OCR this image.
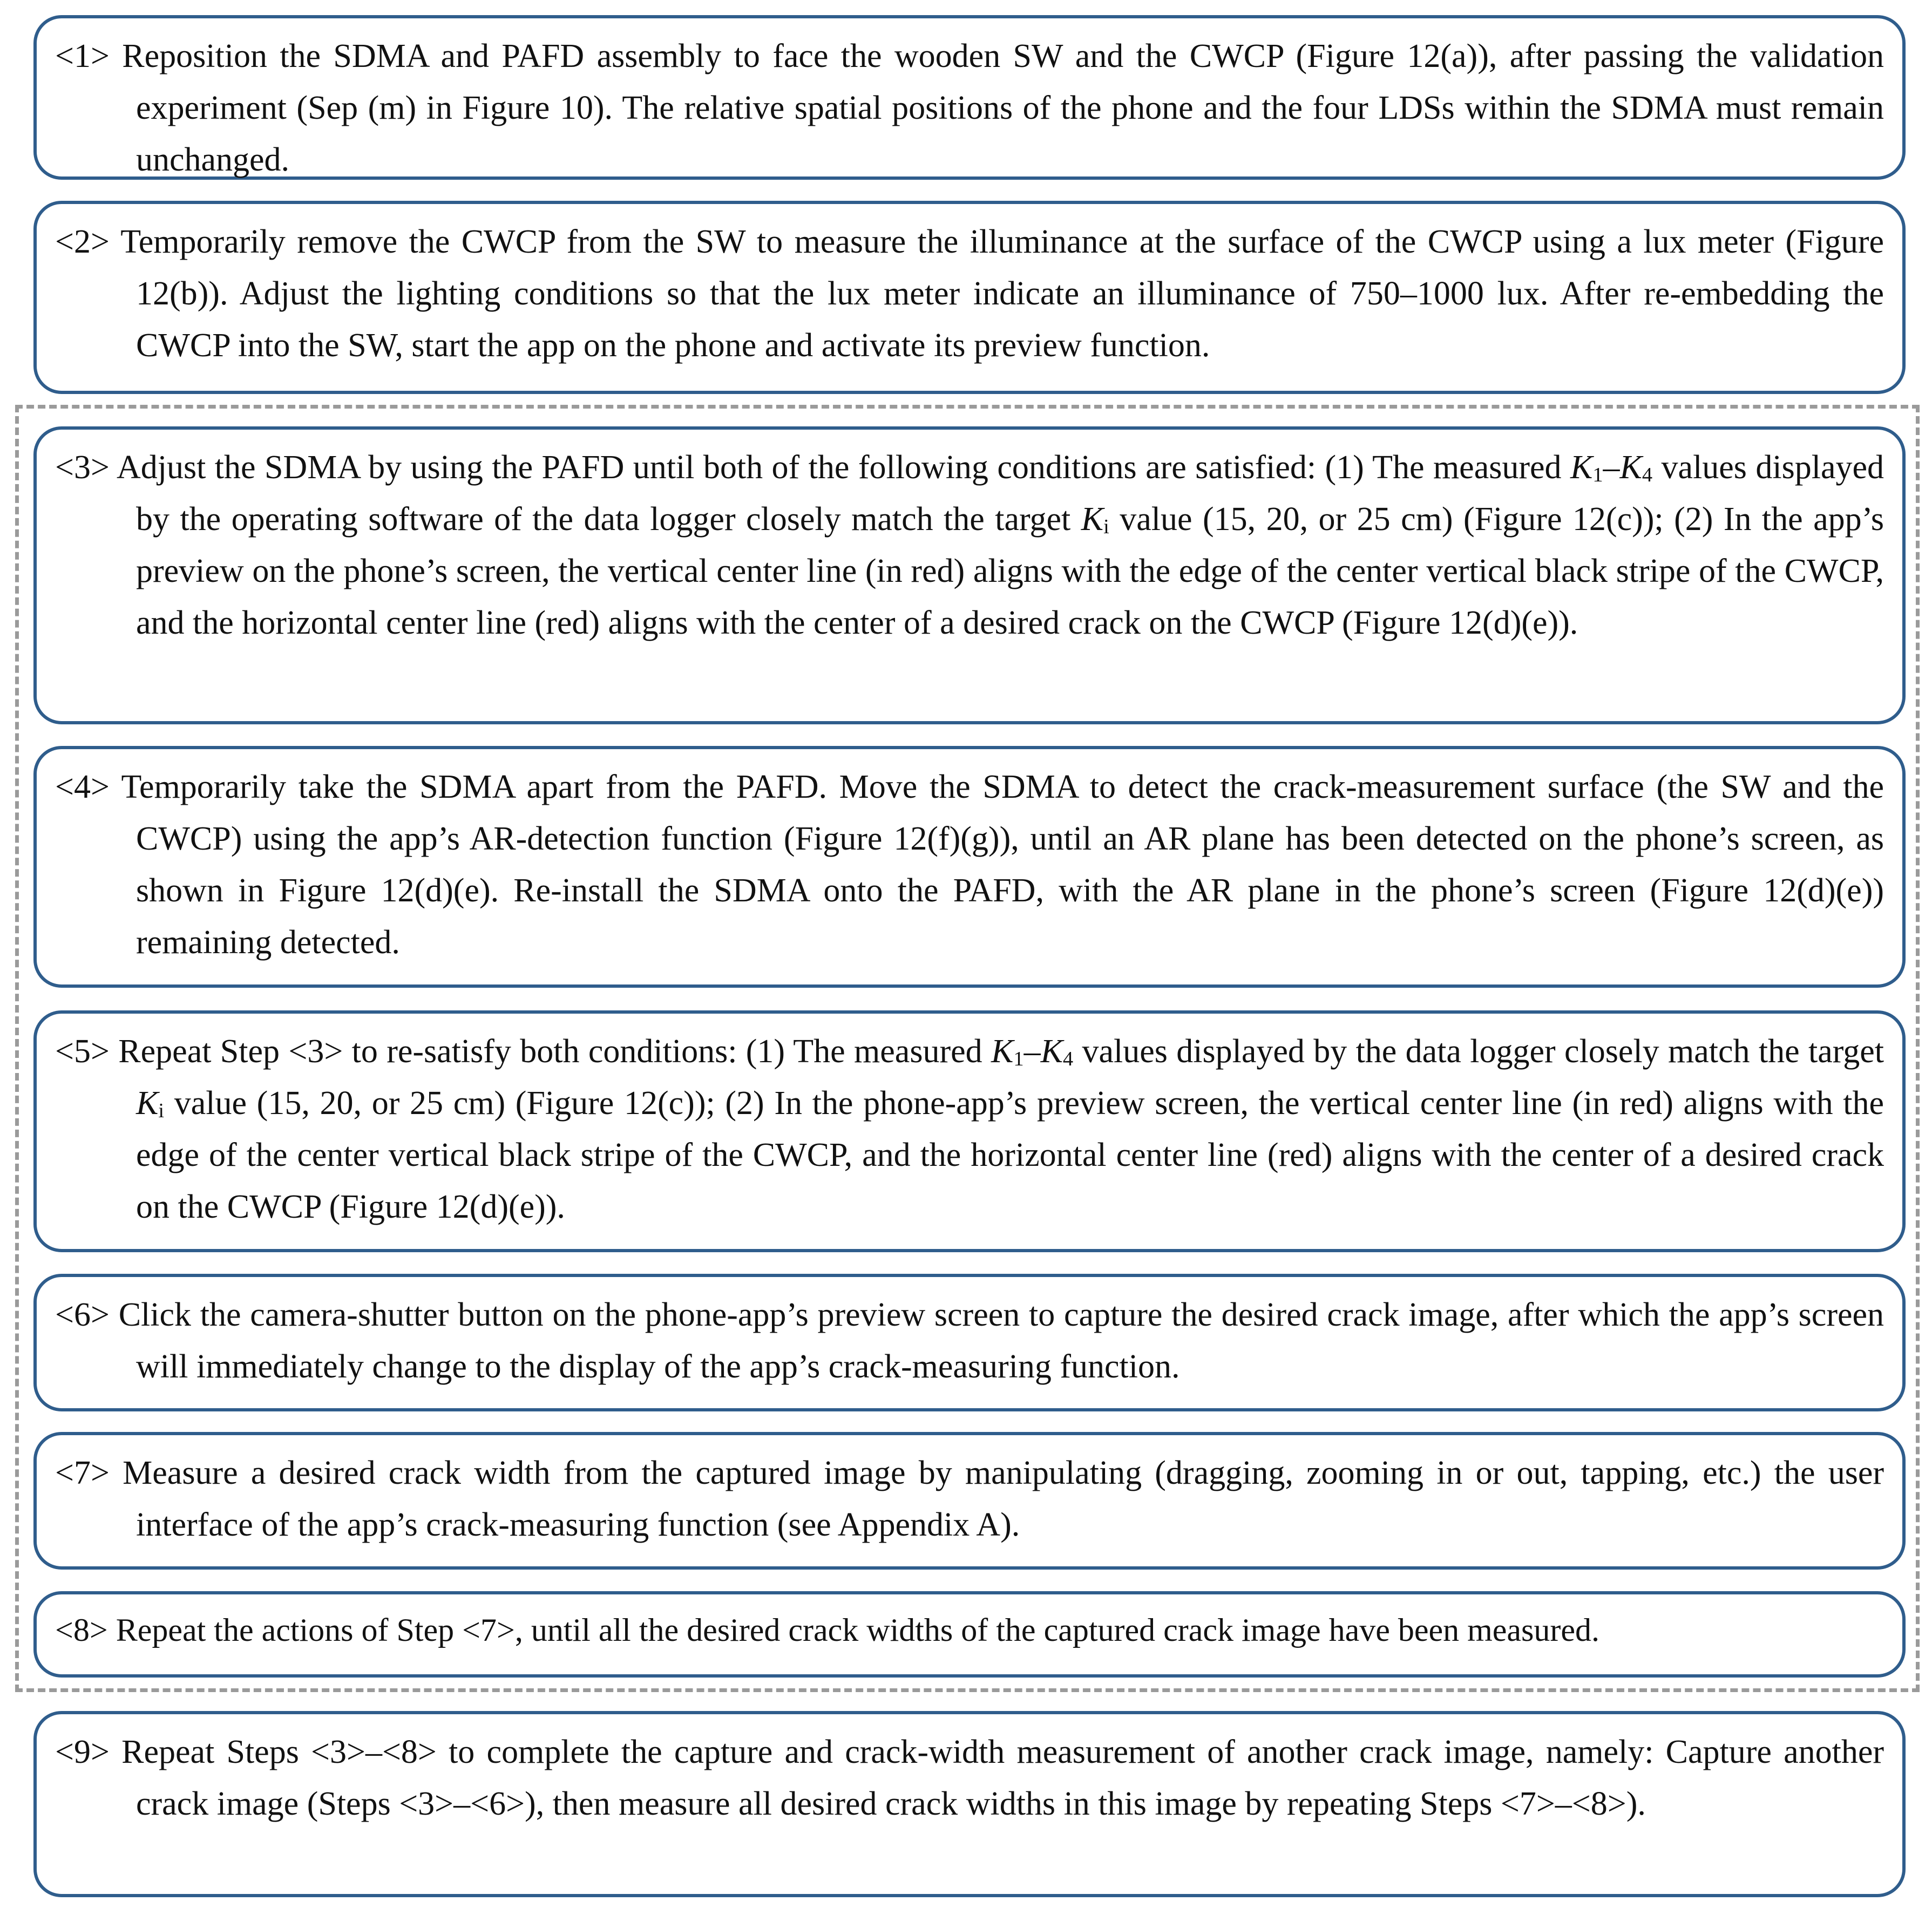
<1> Reposition the SDMA and PAFD assembly to face the wooden SW and the CWCP (Figure 12(a)), after passing the validation experiment (Sep (m) in Figure 10). The relative spatial positions of the phone and the four LDSs within the SDMA must remain unchanged.

<2> Temporarily remove the CWCP from the SW to measure the illuminance at the surface of the CWCP using a lux meter (Figure 12(b)). Adjust the lighting conditions so that the lux meter indicate an illuminance of 750–1000 lux. After re-embedding the CWCP into the SW, start the app on the phone and activate its preview function.

<3> Adjust the SDMA by using the PAFD until both of the following conditions are satisfied: (1) The measured $K_1-K_4$ values displayed by the operating software of the data logger closely match the target $K_i$ value (15, 20, or 25 cm) (Figure 12(c)); (2) In the app’s preview on the phone’s screen, the vertical center line (in red) aligns with the edge of the center vertical black stripe of the CWCP, and the horizontal center line (red) aligns with the center of a desired crack on the CWCP (Figure 12(d)(e)).

<4> Temporarily take the SDMA apart from the PAFD. Move the SDMA to detect the crack-measurement surface (the SW and the CWCP) using the app’s AR-detection function (Figure 12(f)(g)), until an AR plane has been detected on the phone’s screen, as shown in Figure 12(d)(e). Re-install the SDMA onto the PAFD, with the AR plane in the phone’s screen (Figure 12(d)(e)) remaining detected.

<5> Repeat Step <3> to re-satisfy both conditions: (1) The measured $K_1-K_4$ values displayed by the data logger closely match the target $K_i$ value (15, 20, or 25 cm) (Figure 12(c)); (2) In the phone-app’s preview screen, the vertical center line (in red) aligns with the edge of the center vertical black stripe of the CWCP, and the horizontal center line (red) aligns with the center of a desired crack on the CWCP (Figure 12(d)(e)).

<6> Click the camera-shutter button on the phone-app’s preview screen to capture the desired crack image, after which the app’s screen will immediately change to the display of the app’s crack-measuring function.

<7> Measure a desired crack width from the captured image by manipulating (dragging, zooming in or out, tapping, etc.) the user interface of the app’s crack-measuring function (see Appendix A).

<8> Repeat the actions of Step <7>, until all the desired crack widths of the captured crack image have been measured.

<9> Repeat Steps <3>–<8> to complete the capture and crack-width measurement of another crack image, namely: Capture another crack image (Steps <3>–<6>), then measure all desired crack widths in this image by repeating Steps <7>–<8>).
